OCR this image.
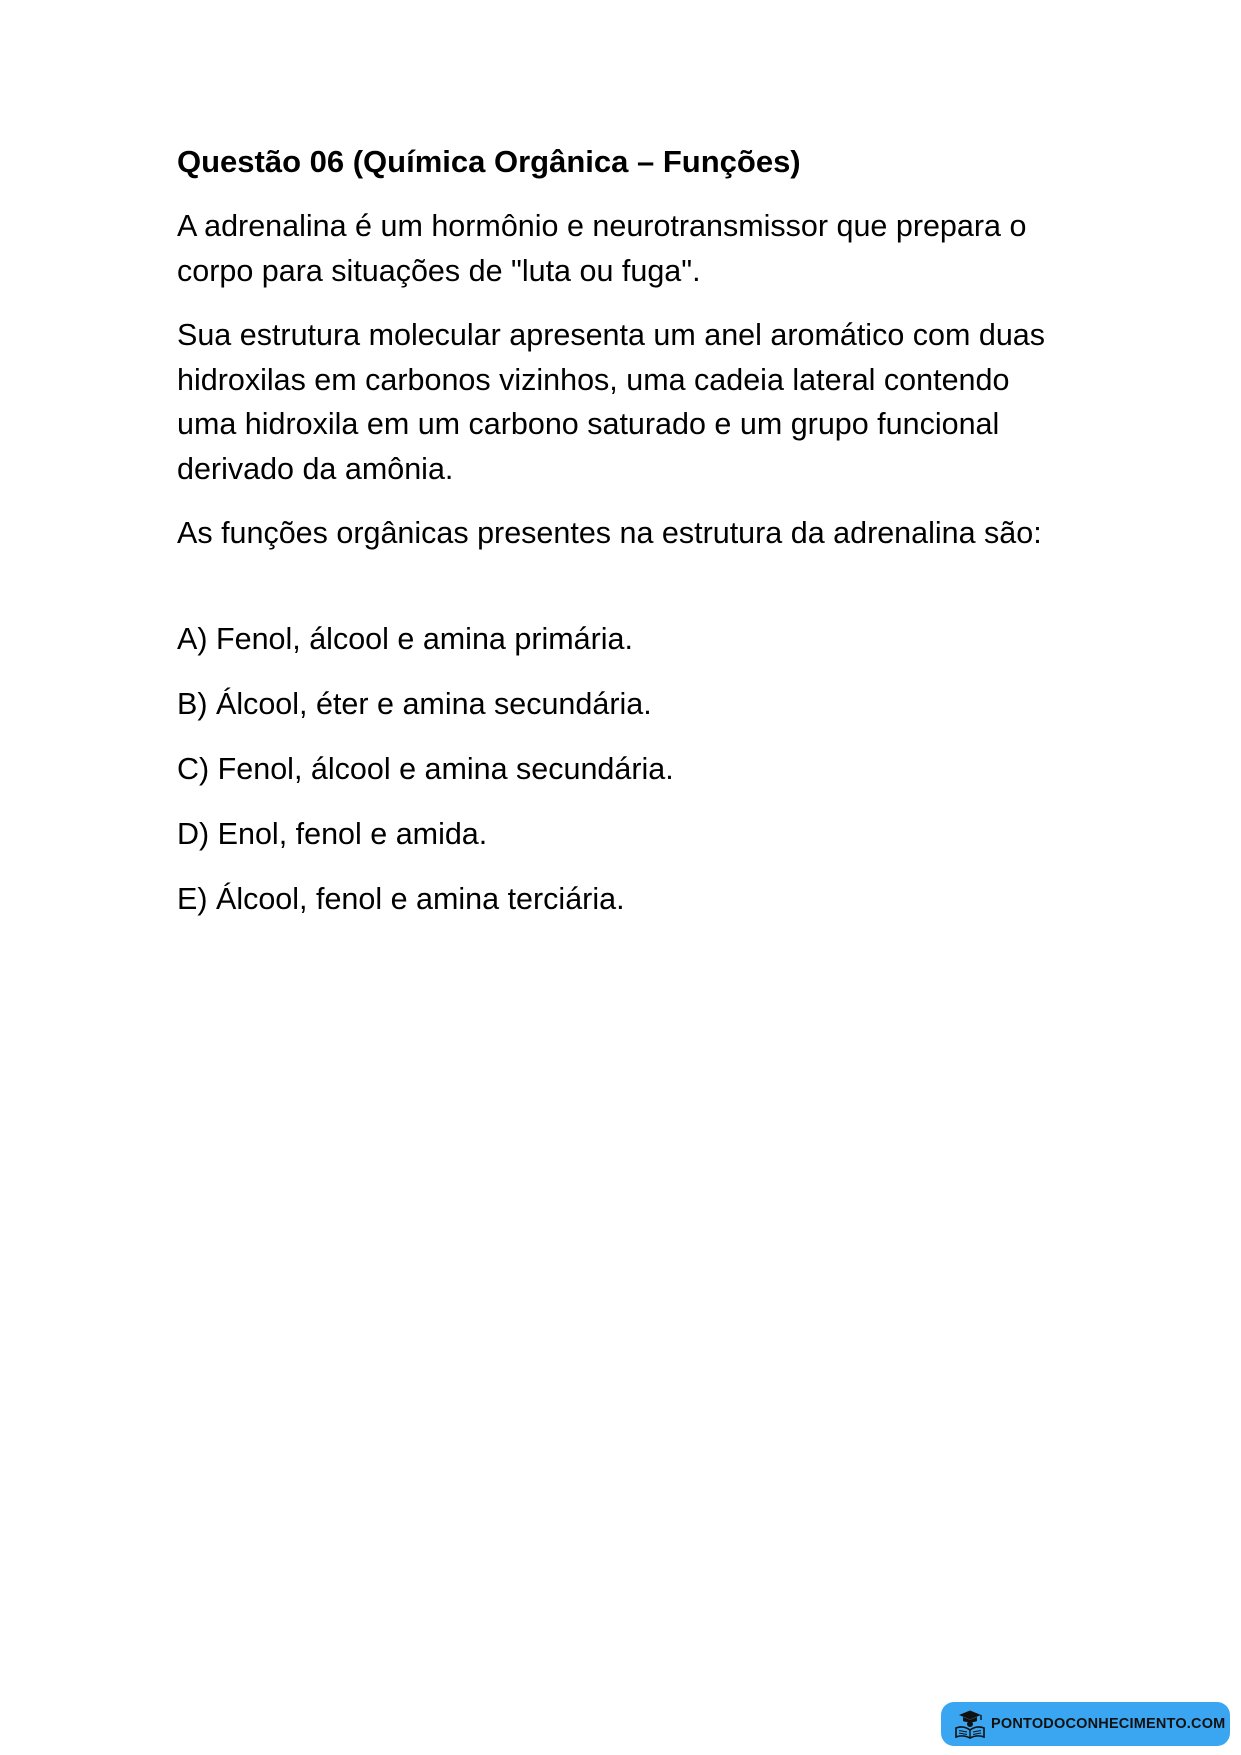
Questão 06 (Química Orgânica – Funções)

A adrenalina é um hormônio e neurotransmissor que prepara o corpo para situações de "luta ou fuga".

Sua estrutura molecular apresenta um anel aromático com duas hidroxilas em carbonos vizinhos, uma cadeia lateral contendo uma hidroxila em um carbono saturado e um grupo funcional derivado da amônia.

As funções orgânicas presentes na estrutura da adrenalina são:

A) Fenol, álcool e amina primária.
B) Álcool, éter e amina secundária.
C) Fenol, álcool e amina secundária.
D) Enol, fenol e amida.
E) Álcool, fenol e amina terciária.
PONTODOCONHECIMENTO.COM
